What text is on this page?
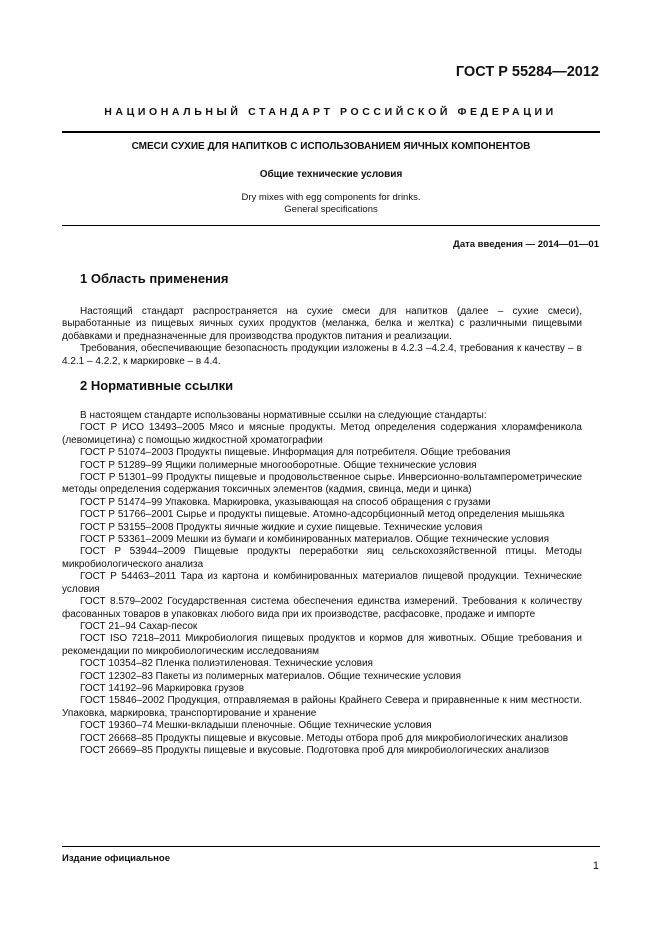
ГОСТ Р 55284—2012
НАЦИОНАЛЬНЫЙ СТАНДАРТ РОССИЙСКОЙ ФЕДЕРАЦИИ
СМЕСИ СУХИЕ ДЛЯ НАПИТКОВ С ИСПОЛЬЗОВАНИЕМ ЯИЧНЫХ КОМПОНЕНТОВ
Общие технические условия
Dry mixes with egg components for drinks.
General specifications
Дата введения — 2014—01—01
1 Область применения

Настоящий стандарт распространяется на сухие смеси для напитков (далее – сухие смеси), выработанные из пищевых яичных сухих продуктов (меланжа, белка и желтка) с различными пищевыми добавками и предназначенные для производства продуктов питания и реализации.

Требования, обеспечивающие безопасность продукции изложены в 4.2.3 –4.2.4, требования к качеству – в 4.2.1 – 4.2.2, к маркировке – в 4.4.

2 Нормативные ссылки

В настоящем стандарте использованы нормативные ссылки на следующие стандарты:

ГОСТ Р ИСО 13493–2005 Мясо и мясные продукты. Метод определения содержания хлорамфеникола (левомицетина) с помощью жидкостной хроматографии

ГОСТ Р 51074–2003 Продукты пищевые. Информация для потребителя. Общие требования

ГОСТ Р 51289–99 Ящики полимерные многооборотные. Общие технические условия

ГОСТ Р 51301–99 Продукты пищевые и продовольственное сырье. Инверсионно-вольтамперометрические методы определения содержания токсичных элементов (кадмия, свинца, меди и цинка)

ГОСТ Р 51474–99 Упаковка. Маркировка, указывающая на способ обращения с грузами

ГОСТ Р 51766–2001 Сырье и продукты пищевые. Атомно-адсорбционный метод определения мышьяка

ГОСТ Р 53155–2008 Продукты яичные жидкие и сухие пищевые. Технические условия

ГОСТ Р 53361–2009 Мешки из бумаги и комбинированных материалов. Общие технические условия

ГОСТ Р 53944–2009 Пищевые продукты переработки яиц сельскохозяйственной птицы. Методы микробиологического анализа

ГОСТ Р 54463–2011 Тара из картона и комбинированных материалов пищевой продукции. Технические условия

ГОСТ 8.579–2002 Государственная система обеспечения единства измерений. Требования к количеству фасованных товаров в упаковках любого вида при их производстве, расфасовке, продаже и импорте

ГОСТ 21–94 Сахар-песок

ГОСТ ISO 7218–2011 Микробиология пищевых продуктов и кормов для животных. Общие требования и рекомендации по микробиологическим исследованиям

ГОСТ 10354–82 Пленка полиэтиленовая. Технические условия

ГОСТ 12302–83 Пакеты из полимерных материалов. Общие технические условия

ГОСТ 14192–96 Маркировка грузов

ГОСТ 15846–2002 Продукция, отправляемая в районы Крайнего Севера и приравненные к ним местности. Упаковка, маркировка, транспортирование и хранение

ГОСТ 19360–74 Мешки-вкладыши пленочные. Общие технические условия

ГОСТ 26668–85 Продукты пищевые и вкусовые. Методы отбора проб для микробиологических анализов

ГОСТ 26669–85 Продукты пищевые и вкусовые. Подготовка проб для микробиологических анализов

Издание официальное
1
